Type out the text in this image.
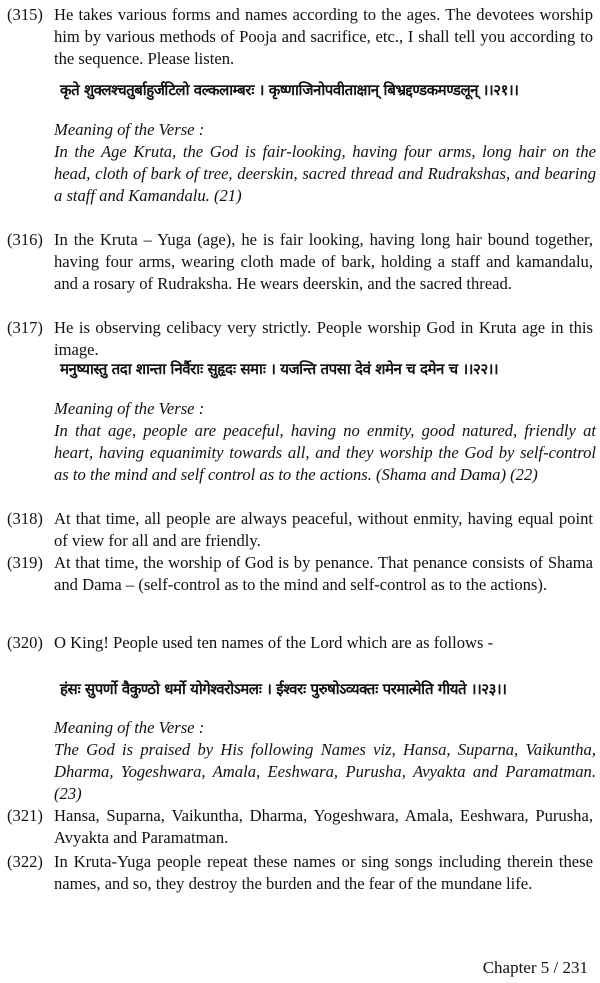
(315) He takes various forms and names according to the ages. The devotees worship him by various methods of Pooja and sacrifice, etc., I shall tell you according to the sequence. Please listen.
कृते शुक्लश्चतुर्बाहुर्जटिलो वल्कलाम्बरः । कृष्णाजिनोपवीताक्षान् बिभ्रद्दण्डकमण्डलून् ।।२१।।
Meaning of the Verse :
In the Age Kruta, the God is fair-looking, having four arms, long hair on the head, cloth of bark of tree, deerskin, sacred thread and Rudrakshas, and bearing a staff and Kamandalu. (21)
(316) In the Kruta – Yuga (age), he is fair looking, having long hair bound together, having four arms, wearing cloth made of bark, holding a staff and kamandalu, and a rosary of Rudraksha. He wears deerskin, and the sacred thread.
(317) He is observing celibacy very strictly. People worship God in Kruta age in this image.
मनुष्यास्तु तदा शान्ता निर्वैराः सुहृदः समाः । यजन्ति तपसा देवं शमेन च दमेन च ।।२२।।
Meaning of the Verse :
In that age, people are peaceful, having no enmity, good natured, friendly at heart, having equanimity towards all, and they worship the God by self-control as to the mind and self control as to the actions. (Shama and Dama) (22)
(318) At that time, all people are always peaceful, without enmity, having equal point of view for all and are friendly.
(319) At that time, the worship of God is by penance. That penance consists of Shama and Dama – (self-control as to the mind and self-control as to the actions).
(320) O King! People used ten names of the Lord which are as follows -
हंसः सुपर्णो वैकुण्ठो धर्मो योगेश्वरोऽमलः । ईश्वरः पुरुषोऽव्यक्तः परमात्मेति गीयते ।।२३।।
Meaning of the Verse :
The God is praised by His following Names viz, Hansa, Suparna, Vaikuntha, Dharma, Yogeshwara, Amala, Eeshwara, Purusha, Avyakta and Paramatman. (23)
(321) Hansa, Suparna, Vaikuntha, Dharma, Yogeshwara, Amala, Eeshwara, Purusha, Avyakta and Paramatman.
(322) In Kruta-Yuga people repeat these names or sing songs including therein these names, and so, they destroy the burden and the fear of the mundane life.
Chapter 5 / 231
